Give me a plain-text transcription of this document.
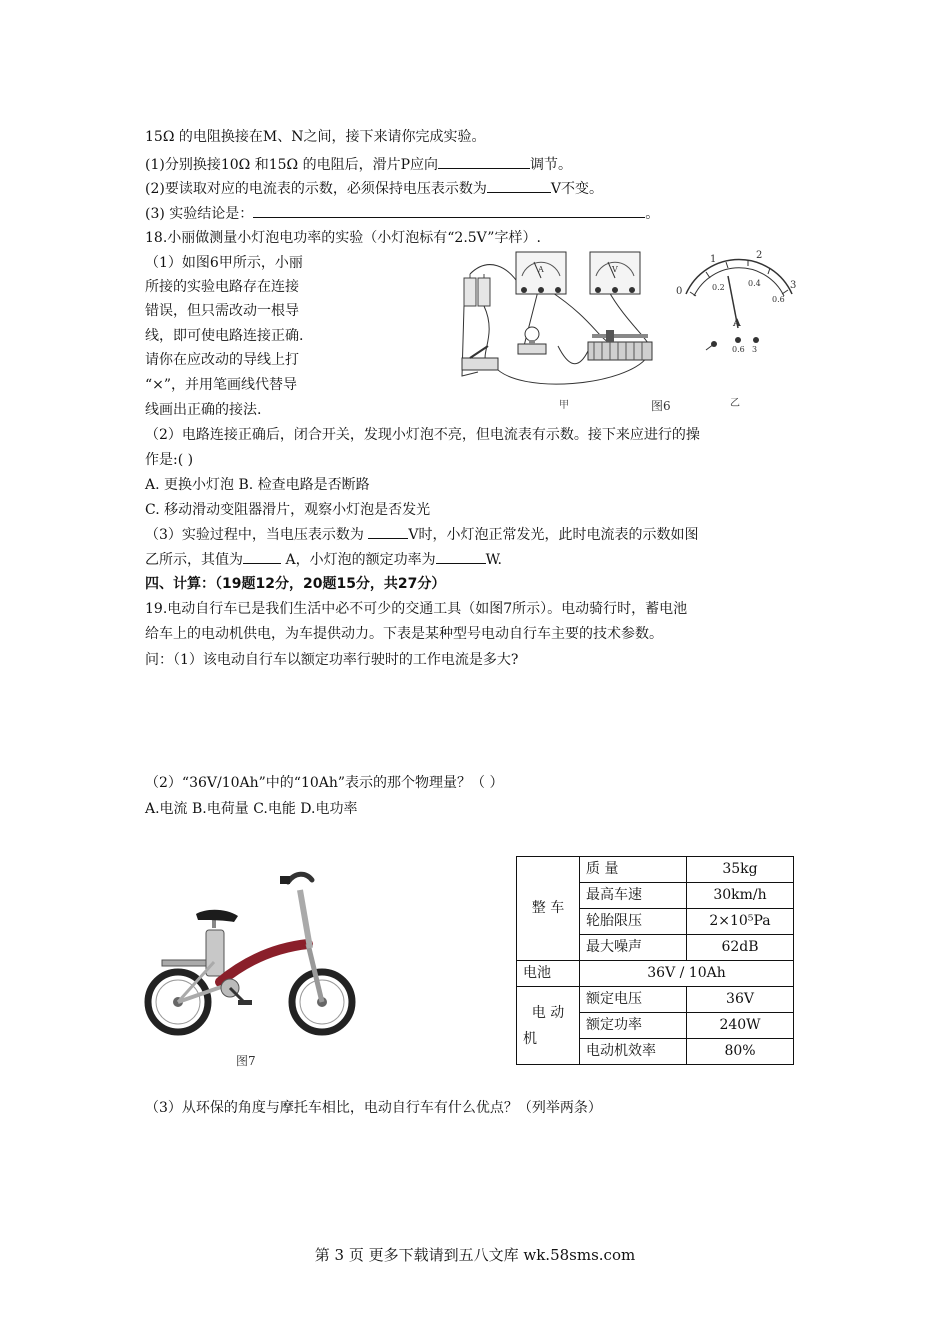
15Ω 的电阻换接在M、N之间，接下来请你完成实验。
(1)分别换接10Ω 和15Ω 的电阻后，滑片P应向	调节。
(2)要读取对应的电流表的示数，必须保持电压表示数为	V不变。
(3) 实验结论是：	。
18.小丽做测量小灯泡电功率的实验（小灯泡标有“2.5V”字样）.
（1）如图6甲所示，小丽
所接的实验电路存在连接
错误，但只需改动一根导
线，即可使电路连接正确.
请你在应改动的导线上打
“×”，并用笔画线代替导
线画出正确的接法.
A	V
甲
0
1	2
3
0.2	0.4
0.6
A
0.6 3
图6	乙
（2）电路连接正确后，闭合开关，发现小灯泡不亮，但电流表有示数。接下来应进行的操
作是:( )
A. 更换小灯泡 B. 检查电路是否断路
C. 移动滑动变阻器滑片，观察小灯泡是否发光
（3）实验过程中，当电压表示数为	V时，小灯泡正常发光，此时电流表的示数如图
乙所示，其值为	A，小灯泡的额定功率为	W.
四、计算：（19题12分，20题15分，共27分）
19.电动自行车已是我们生活中必不可少的交通工具（如图7所示）。电动骑行时，蓄电池
给车上的电动机供电，为车提供动力。下表是某种型号电动自行车主要的技术参数。
问：（1）该电动自行车以额定功率行驶时的工作电流是多大?
（2）“36V/10Ah”中的“10Ah”表示的那个物理量？（ ）
A.电流 B.电荷量 C.电能 D.电功率
图7
整 车	质 量	35kg
	最高车速	30km/h
	轮胎限压	2×10⁵Pa
	最大噪声	62dB
电池	36V / 10Ah	

电 动
机	额定电压	36V
	额定功率	240W
	电动机效率	80%
（3）从环保的角度与摩托车相比，电动自行车有什么优点？（列举两条）
第 3 页 更多下载请到五八文库 wk.58sms.com
